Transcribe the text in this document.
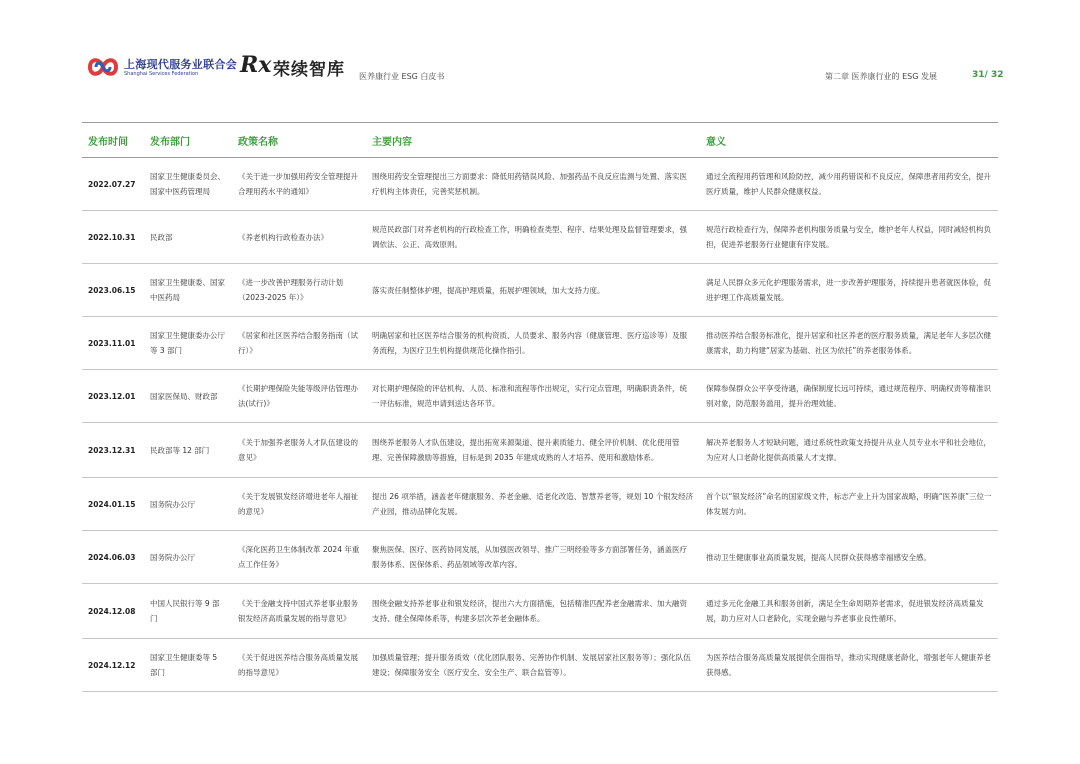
上海现代服务业联合会
Shanghai Services Federation Rx 荣续智库 医养康行业 ESG 白皮书	第二章 医养康行业的 ESG 发展	31/ 32
发布时间	发布部门	政策名称	主要内容	意义
2022.07.27	国家卫生健康委员会、国家中医药管理局	《关于进一步加强用药安全管理提升合理用药水平的通知》	围绕用药安全管理提出三方面要求：降低用药错误风险、加强药品不良反应监测与处置、落实医疗机构主体责任，完善奖惩机制。	通过全流程用药管理和风险防控，减少用药错误和不良反应，保障患者用药安全，提升医疗质量，维护人民群众健康权益。
2022.10.31	民政部	《养老机构行政检查办法》	规范民政部门对养老机构的行政检查工作，明确检查类型、程序、结果处理及监督管理要求，强调依法、公正、高效原则。	规范行政检查行为，保障养老机构服务质量与安全，维护老年人权益，同时减轻机构负担，促进养老服务行业健康有序发展。
2023.06.15	国家卫生健康委、国家中医药局	《进一步改善护理服务行动计划（2023-2025 年）》	落实责任制整体护理，提高护理质量，拓展护理领域，加大支持力度。	满足人民群众多元化护理服务需求，进一步改善护理服务，持续提升患者就医体验，促进护理工作高质量发展。
2023.11.01	国家卫生健康委办公厅等 3 部门	《居家和社区医养结合服务指南（试行）》	明确居家和社区医养结合服务的机构资质、人员要求、服务内容（健康管理、医疗巡诊等）及服务流程，为医疗卫生机构提供规范化操作指引。	推动医养结合服务标准化，提升居家和社区养老的医疗服务质量，满足老年人多层次健康需求，助力构建“居家为基础、社区为依托”的养老服务体系。
2023.12.01	国家医保局、财政部	《长期护理保险失能等级评估管理办法(试行)》	对长期护理保险的评估机构、人员、标准和流程等作出规定，实行定点管理，明确职责条件，统一评估标准，规范申请到送达各环节。	保障参保群众公平享受待遇，确保制度长远可持续，通过规范程序、明确权责等精准识别对象，防范服务滥用，提升治理效能。
2023.12.31	民政部等 12 部门	《关于加强养老服务人才队伍建设的意见》	围绕养老服务人才队伍建设，提出拓宽来源渠道、提升素质能力、健全评价机制、优化使用管理、完善保障激励等措施，目标是到 2035 年建成成熟的人才培养、使用和激励体系。	解决养老服务人才短缺问题，通过系统性政策支持提升从业人员专业水平和社会地位，为应对人口老龄化提供高质量人才支撑。
2024.01.15	国务院办公厅	《关于发展银发经济增进老年人福祉的意见》	提出 26 项举措，涵盖老年健康服务、养老金融、适老化改造、智慧养老等，规划 10 个银发经济产业园，推动品牌化发展。	首个以“银发经济”命名的国家级文件，标志产业上升为国家战略，明确“医养康”三位一体发展方向。
2024.06.03	国务院办公厅	《深化医药卫生体制改革 2024 年重点工作任务》	聚焦医保、医疗、医药协同发展，从加强医改领导、推广三明经验等多方面部署任务，涵盖医疗服务体系、医保体系、药品领域等改革内容。	推动卫生健康事业高质量发展，提高人民群众获得感幸福感安全感。
2024.12.08	中国人民银行等 9 部门	《关于金融支持中国式养老事业服务银发经济高质量发展的指导意见》	围绕金融支持养老事业和银发经济，提出六大方面措施，包括精准匹配养老金融需求、加大融资支持、健全保障体系等，构建多层次养老金融体系。	通过多元化金融工具和服务创新，满足全生命周期养老需求，促进银发经济高质量发展，助力应对人口老龄化，实现金融与养老事业良性循环。
2024.12.12	国家卫生健康委等 5 部门	《关于促进医养结合服务高质量发展的指导意见》	加强质量管理；提升服务质效（优化团队服务、完善协作机制、发展居家社区服务等）；强化队伍建设；保障服务安全（医疗安全、安全生产、联合监管等）。	为医养结合服务高质量发展提供全面指导，推动实现健康老龄化，增强老年人健康养老获得感。
